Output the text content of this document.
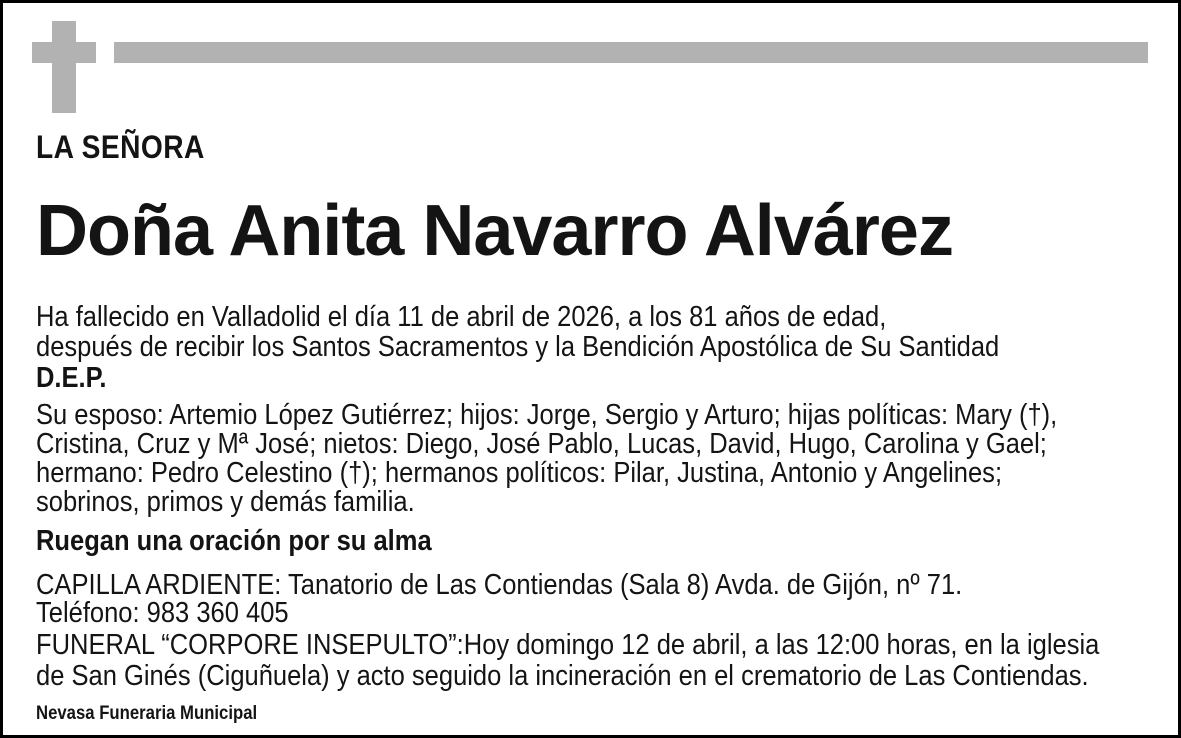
LA SEÑORA
Doña Anita Navarro Alvárez
Ha fallecido en Valladolid el día 11 de abril de 2026, a los 81 años de edad,
después de recibir los Santos Sacramentos y la Bendición Apostólica de Su Santidad
D.E.P.
Su esposo: Artemio López Gutiérrez; hijos: Jorge, Sergio y Arturo; hijas políticas: Mary (†),
Cristina, Cruz y Mª José; nietos: Diego, José Pablo, Lucas, David, Hugo, Carolina y Gael;
hermano: Pedro Celestino (†); hermanos políticos: Pilar, Justina, Antonio y Angelines;
sobrinos, primos y demás familia.
Ruegan una oración por su alma
CAPILLA ARDIENTE: Tanatorio de Las Contiendas (Sala 8) Avda. de Gijón, nº 71.
Teléfono: 983 360 405
FUNERAL “CORPORE INSEPULTO”:Hoy domingo 12 de abril, a las 12:00 horas, en la iglesia
de San Ginés (Ciguñuela) y acto seguido la incineración en el crematorio de Las Contiendas.
Nevasa Funeraria Municipal
